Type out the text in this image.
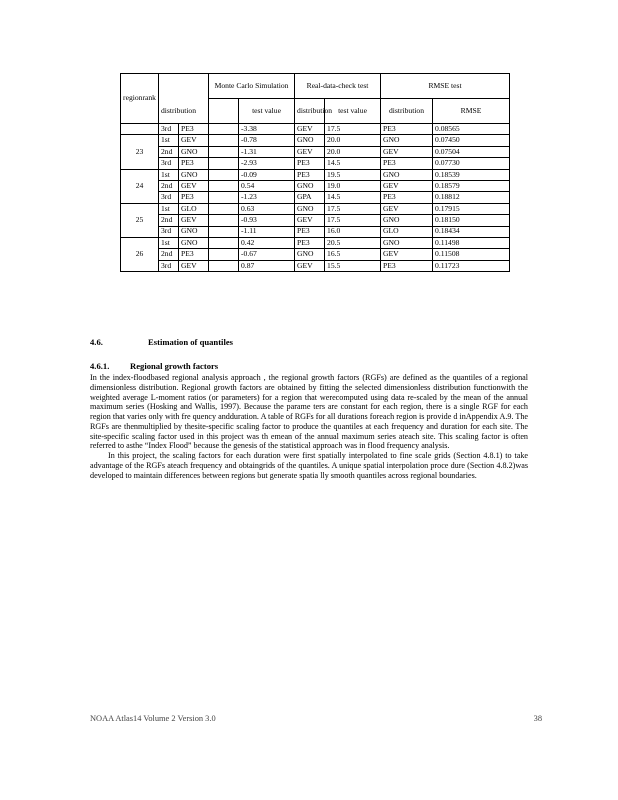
regionrank			Monte Carlo Simulation		Real-data-check test		RMSE test		
	distribution			test value	distribution	test value	distribution	RMSE	
	3rd	PE3		-3.38	GEV	17.5	PE3	0.08565	
23	1st	GEV		-0.78	GNO	20.0	GNO	0.07450	
	2nd	GNO		-1.31	GEV	20.0	GEV	0.07504	
	3rd	PE3		-2.93	PE3	14.5	PE3	0.07730	
24	1st	GNO		-0.09	PE3	19.5	GNO	0.18539	
	2nd	GEV		0.54	GNO	19.0	GEV	0.18579	
	3rd	PE3		-1.23	GPA	14.5	PE3	0.18812	
25	1st	GLO		0.63	GNO	17.5	GEV	0.17915	
	2nd	GEV		-0.93	GEV	17.5	GNO	0.18150	
	3rd	GNO		-1.11	PE3	16.0	GLO	0.18434	
26	1st	GNO		0.42	PE3	20.5	GNO	0.11498	
	2nd	PE3		-0.67	GNO	16.5	GEV	0.11508	
	3rd	GEV		0.87	GEV	15.5	PE3	0.11723	
4.6.	Estimation of quantiles
4.6.1. Regional growth factors

In the index-floodbased regional analysis approach , the regional growth factors (RGFs) are defined as the quantiles of a regional dimensionless distribution. Regional growth factors are obtained by fitting the selected dimensionless distribution functionwith the weighted average L-moment ratios (or parameters) for a region that werecomputed using data re-scaled by the mean of the annual maximum series (Hosking and Wallis, 1997). Because the parame ters are constant for each region, there is a single RGF for each region that varies only with fre quency andduration. A table of RGFs for all durations foreach region is provide d inAppendix A.9. The RGFs are thenmultiplied by thesite-specific scaling factor to produce the quantiles at each frequency and duration for each site. The site-specific scaling factor used in this project was th emean of the annual maximum series ateach site. This scaling factor is often referred to asthe “Index Flood” because the genesis of the statistical approach was in flood frequency analysis.

In this project, the scaling factors for each duration were first spatially interpolated to fine scale grids (Section 4.8.1) to take advantage of the RGFs ateach frequency and obtaingrids of the quantiles. A unique spatial interpolation proce dure (Section 4.8.2)was developed to maintain differences between regions but generate spatia lly smooth quantiles across regional boundaries.

NOAA Atlas14 Volume 2 Version 3.0	38
